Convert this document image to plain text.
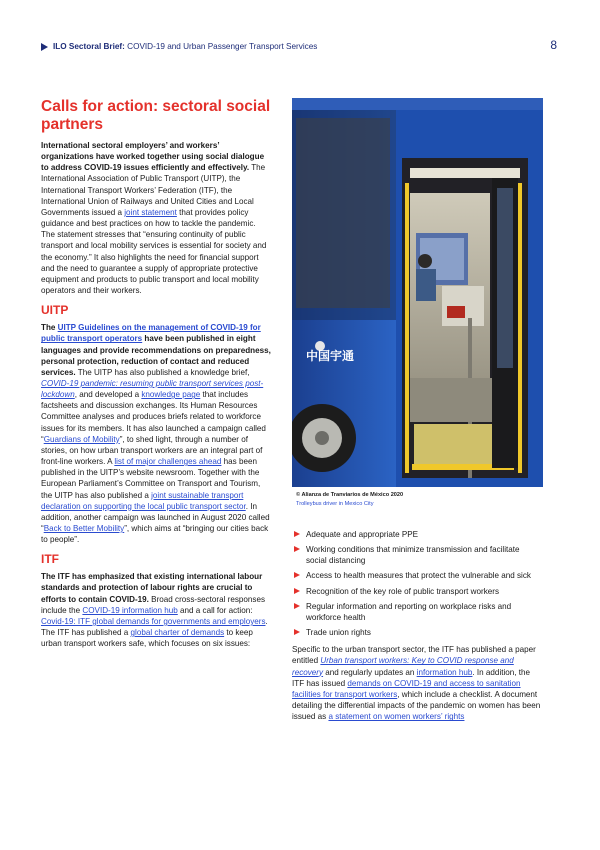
ILO Sectoral Brief: COVID-19 and Urban Passenger Transport Services	8
Calls for action: sectoral social partners

International sectoral employers’ and workers’ organizations have worked together using social dialogue to address COVID-19 issues efficiently and effectively. The International Association of Public Transport (UITP), the International Transport Workers’ Federation (ITF), the International Union of Railways and United Cities and Local Governments issued a joint statement that provides policy guidance and best practices on how to tackle the pandemic. The statement stresses that “ensuring continuity of public transport and local mobility services is essential for society and the economy.” It also highlights the need for financial support and the need to guarantee a supply of appropriate protective equipment and products to public transport and local mobility operators and their workers.

UITP

The UITP Guidelines on the management of COVID-19 for public transport operators have been published in eight languages and provide recommendations on preparedness, personal protection, reduction of contact and reduced services. The UITP has also published a knowledge brief, COVID-19 pandemic: resuming public transport services post-lockdown, and developed a knowledge page that includes factsheets and discussion exchanges. Its Human Resources Committee analyses and produces briefs related to workforce issues for its members. It has also launched a campaign called “Guardians of Mobility”, to shed light, through a number of stories, on how urban transport workers are an integral part of front-line workers. A list of major challenges ahead has been published in the UITP’s website newsroom. Together with the European Parliament’s Committee on Transport and Tourism, the UITP has also published a joint sustainable transport declaration on supporting the local public transport sector. In addition, another campaign was launched in August 2020 called “Back to Better Mobility”, which aims at “bringing our cities back to people”.

ITF

The ITF has emphasized that existing international labour standards and protection of labour rights are crucial to efforts to contain COVID-19. Broad cross-sectoral responses include the COVID-19 information hub and a call for action: Covid-19: ITF global demands for governments and employers. The ITF has published a global charter of demands to keep urban transport workers safe, which focuses on six issues:

中国宇通
© Alianza de Tranviarios de México 2020
Trolleybus driver in Mexico City
Adequate and appropriate PPE
Working conditions that minimize transmission and facilitate social distancing
Access to health measures that protect the vulnerable and sick
Recognition of the key role of public transport workers
Regular information and reporting on workplace risks and workforce health
Trade union rights

Specific to the urban transport sector, the ITF has published a paper entitled Urban transport workers: Key to COVID response and recovery and regularly updates an information hub. In addition, the ITF has issued demands on COVID-19 and access to sanitation facilities for transport workers, which include a checklist. A document detailing the differential impacts of the pandemic on women has been issued as a statement on women workers’ rights
